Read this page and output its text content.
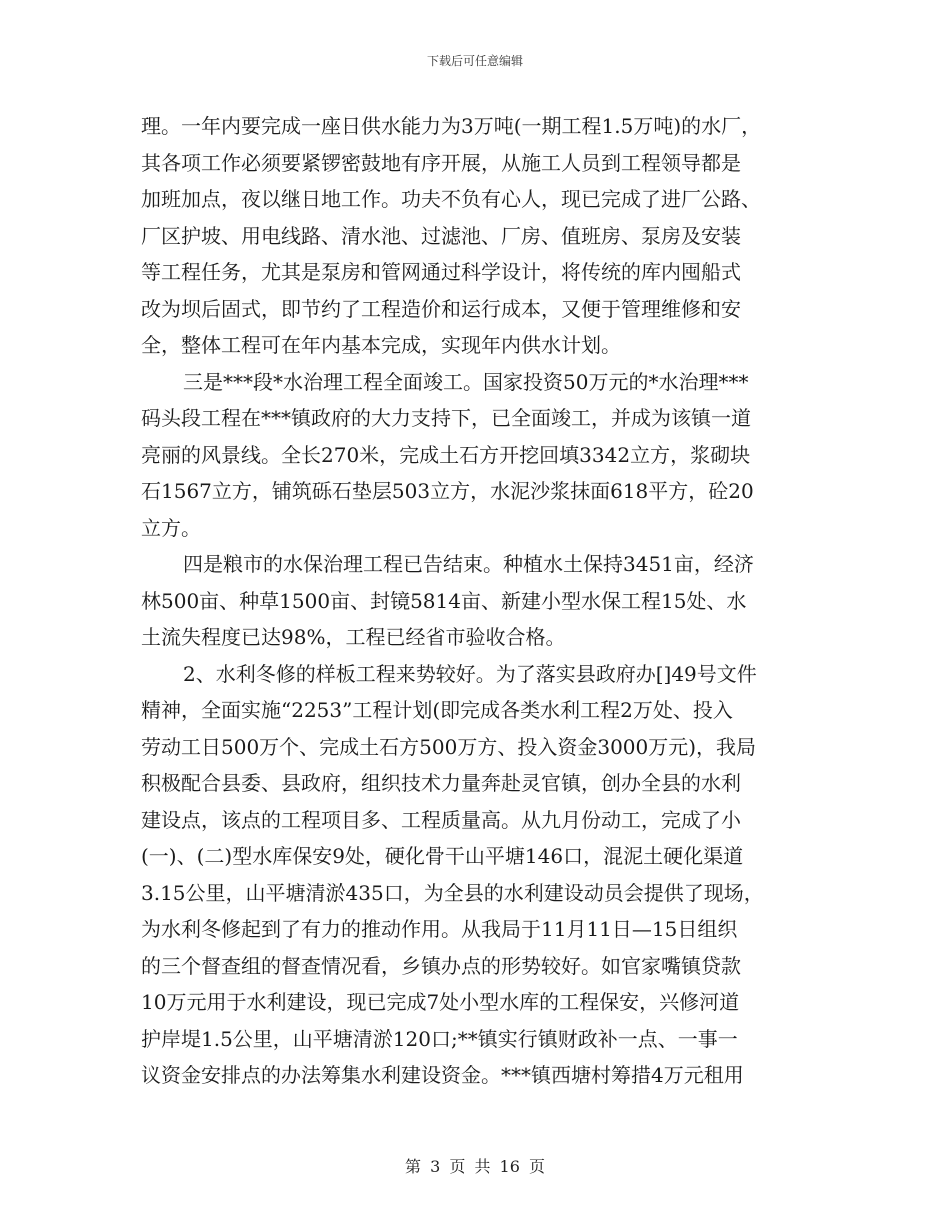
下载后可任意编辑
理。一年内要完成一座日供水能力为3万吨(一期工程1.5万吨)的水厂，
其各项工作必须要紧锣密鼓地有序开展，从施工人员到工程领导都是
加班加点，夜以继日地工作。功夫不负有心人，现已完成了进厂公路、
厂区护坡、用电线路、清水池、过滤池、厂房、值班房、泵房及安装
等工程任务，尤其是泵房和管网通过科学设计，将传统的库内囤船式
改为坝后固式，即节约了工程造价和运行成本，又便于管理维修和安
全，整体工程可在年内基本完成，实现年内供水计划。
三是***段*水治理工程全面竣工。国家投资50万元的*水治理***
码头段工程在***镇政府的大力支持下，已全面竣工，并成为该镇一道
亮丽的风景线。全长270米，完成土石方开挖回填3342立方，浆砌块
石1567立方，铺筑砾石垫层503立方，水泥沙浆抹面618平方，砼20
立方。
四是粮市的水保治理工程已告结束。种植水土保持3451亩，经济
林500亩、种草1500亩、封镜5814亩、新建小型水保工程15处、水
土流失程度已达98%，工程已经省市验收合格。
2、水利冬修的样板工程来势较好。为了落实县政府办[]49号文件
精神，全面实施“2253”工程计划(即完成各类水利工程2万处、投入
劳动工日500万个、完成土石方500万方、投入资金3000万元)，我局
积极配合县委、县政府，组织技术力量奔赴灵官镇，创办全县的水利
建设点，该点的工程项目多、工程质量高。从九月份动工，完成了小
(一)、(二)型水库保安9处，硬化骨干山平塘146口，混泥土硬化渠道
3.15公里，山平塘清淤435口，为全县的水利建设动员会提供了现场，
为水利冬修起到了有力的推动作用。从我局于11月11日—15日组织
的三个督查组的督查情况看，乡镇办点的形势较好。如官家嘴镇贷款
10万元用于水利建设，现已完成7处小型水库的工程保安，兴修河道
护岸堤1.5公里，山平塘清淤120口;**镇实行镇财政补一点、一事一
议资金安排点的办法筹集水利建设资金。***镇西塘村筹措4万元租用
第 3 页 共 16 页
